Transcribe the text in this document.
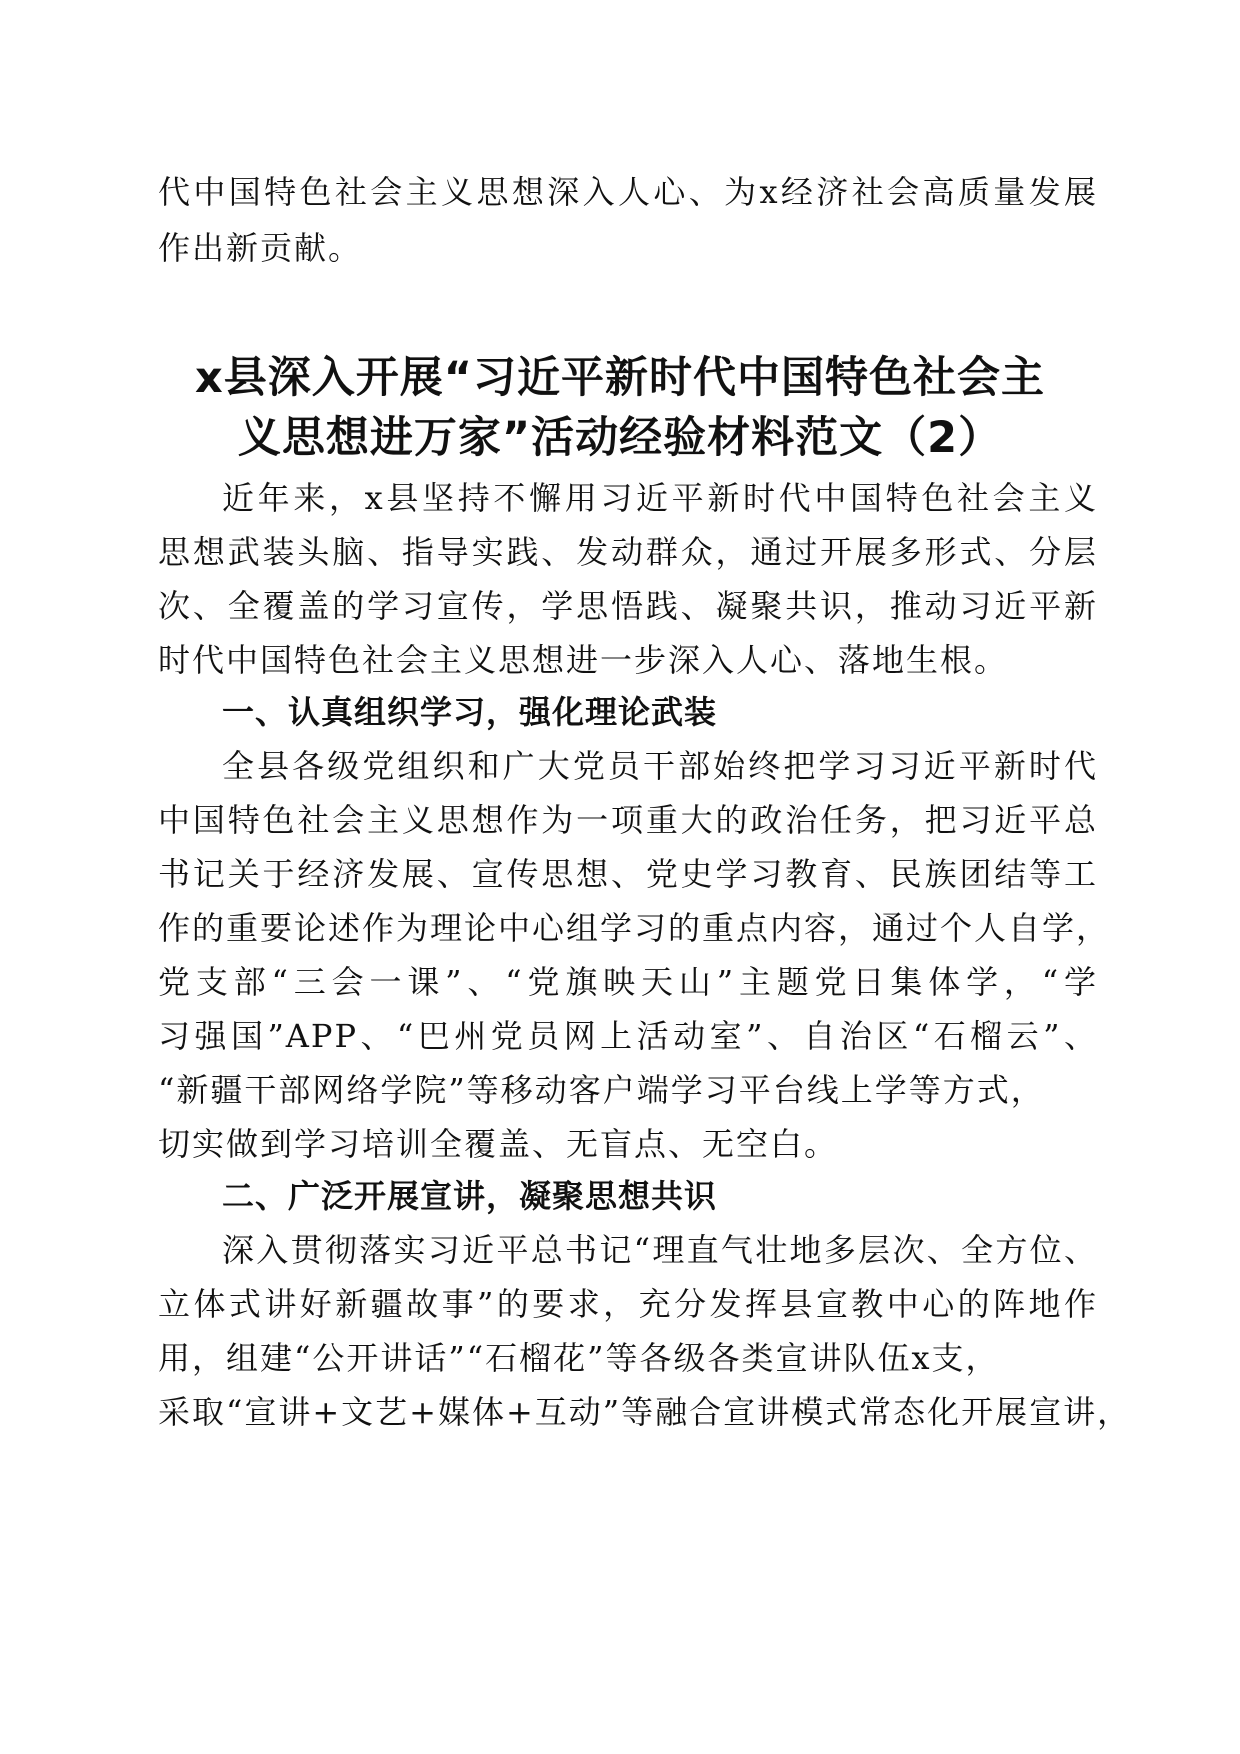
代中国特色社会主义思想深入人心、为x经济社会高质量发展
作出新贡献。
x县深入开展“习近平新时代中国特色社会主
义思想进万家”活动经验材料范文（2）
近年来，x县坚持不懈用习近平新时代中国特色社会主义
思想武装头脑、指导实践、发动群众，通过开展多形式、分层
次、全覆盖的学习宣传，学思悟践、凝聚共识，推动习近平新
时代中国特色社会主义思想进一步深入人心、落地生根。
一、认真组织学习，强化理论武装
全县各级党组织和广大党员干部始终把学习习近平新时代
中国特色社会主义思想作为一项重大的政治任务，把习近平总
书记关于经济发展、宣传思想、党史学习教育、民族团结等工
作的重要论述作为理论中心组学习的重点内容，通过个人自学，
党支部“三会一课”、“党旗映天山”主题党日集体学，“学
习强国”APP、“巴州党员网上活动室”、自治区“石榴云”、
“新疆干部网络学院”等移动客户端学习平台线上学等方式，
切实做到学习培训全覆盖、无盲点、无空白。
二、广泛开展宣讲，凝聚思想共识
深入贯彻落实习近平总书记“理直气壮地多层次、全方位、
立体式讲好新疆故事”的要求，充分发挥县宣教中心的阵地作
用，组建“公开讲话”“石榴花”等各级各类宣讲队伍x支，
采取“宣讲+文艺+媒体+互动”等融合宣讲模式常态化开展宣讲，
